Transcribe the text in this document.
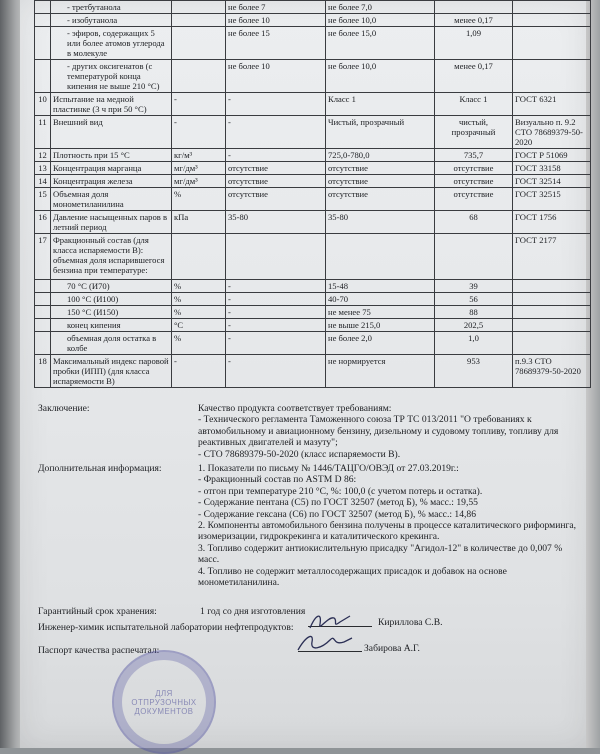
	- третбутанола		не более 7	не более 7,0		
	- изобутанола		не более 10	не более 10,0	менее 0,17	
	- эфиров, содержащих 5 или более атомов углерода в молекуле		не более 15	не более 15,0	1,09	
	- других оксигенатов (с температурой конца кипения не выше 210 °С)		не более 10	не более 10,0	менее 0,17	
10	Испытание на медной пластинке (3 ч при 50 °С)	-	-	Класс 1	Класс 1	ГОСТ 6321
11	Внешний вид	-	-	Чистый, прозрачный	чистый, прозрачный	Визуально п. 9.2 СТО 78689379-50-2020
12	Плотность при 15 °С	кг/м³	-	725,0-780,0	735,7	ГОСТ Р 51069
13	Концентрация марганца	мг/дм³	отсутствие	отсутствие	отсутствие	ГОСТ 33158
14	Концентрация железа	мг/дм³	отсутствие	отсутствие	отсутствие	ГОСТ 32514
15	Объемная доля монометиланилина	%	отсутствие	отсутствие	отсутствие	ГОСТ 32515
16	Давление насыщенных паров в летний период	кПа	35-80	35-80	68	ГОСТ 1756
17	Фракционный состав (для класса испаряемости В): объемная доля испарившегося бензина при температуре:					ГОСТ 2177
	70 °С (И70)	%	-	15-48	39	
	100 °С (И100)	%	-	40-70	56	
	150 °С (И150)	%	-	не менее 75	88	
	конец кипения	°С	-	не выше 215,0	202,5	
	объемная доля остатка в колбе	%	-	не более 2,0	1,0	
18	Максимальный индекс паровой пробки (ИПП) (для класса испаряемости В)	-	-	не нормируется	953	п.9.3 СТО 78689379-50-2020
Заключение:	Качество продукта соответствует требованиям:

- Технического регламента Таможенного союза ТР ТС 013/2011 "О требованиях к автомобильному и авиационному бензину, дизельному и судовому топливу, топливу для реактивных двигателей и мазуту";

- СТО 78689379-50-2020 (класс испаряемости В).

Дополнительная информация:	1. Показатели по письму № 1446/ТАЦГО/ОВЭД от 27.03.2019г.:

- Фракционный состав по ASTM D 86:

- отгон при температуре 210 °С, %: 100,0 (с учетом потерь и остатка).

- Содержание пентана (С5) по ГОСТ 32507 (метод Б), % масс.: 19,55

- Содержание гексана (С6) по ГОСТ 32507 (метод Б), % масс.: 14,86

2. Компоненты автомобильного бензина получены в процессе каталитического риформинга, изомеризации, гидрокрекинга и каталитического крекинга.

3. Топливо содержит антиокислительную присадку "Агидол-12" в количестве до 0,007 % масс.

4. Топливо не содержит металлосодержащих присадок и добавок на основе монометиланилина.

Гарантийный срок хранения:	1 год со дня изготовления
Инженер-химик испытательной лаборатории нефтепродуктов:	Кириллова С.В.
Паспорт качества распечатал:	Забирова А.Г.
ДЛЯ ОТПРУЗОЧНЫХ ДОКУМЕНТОВ
